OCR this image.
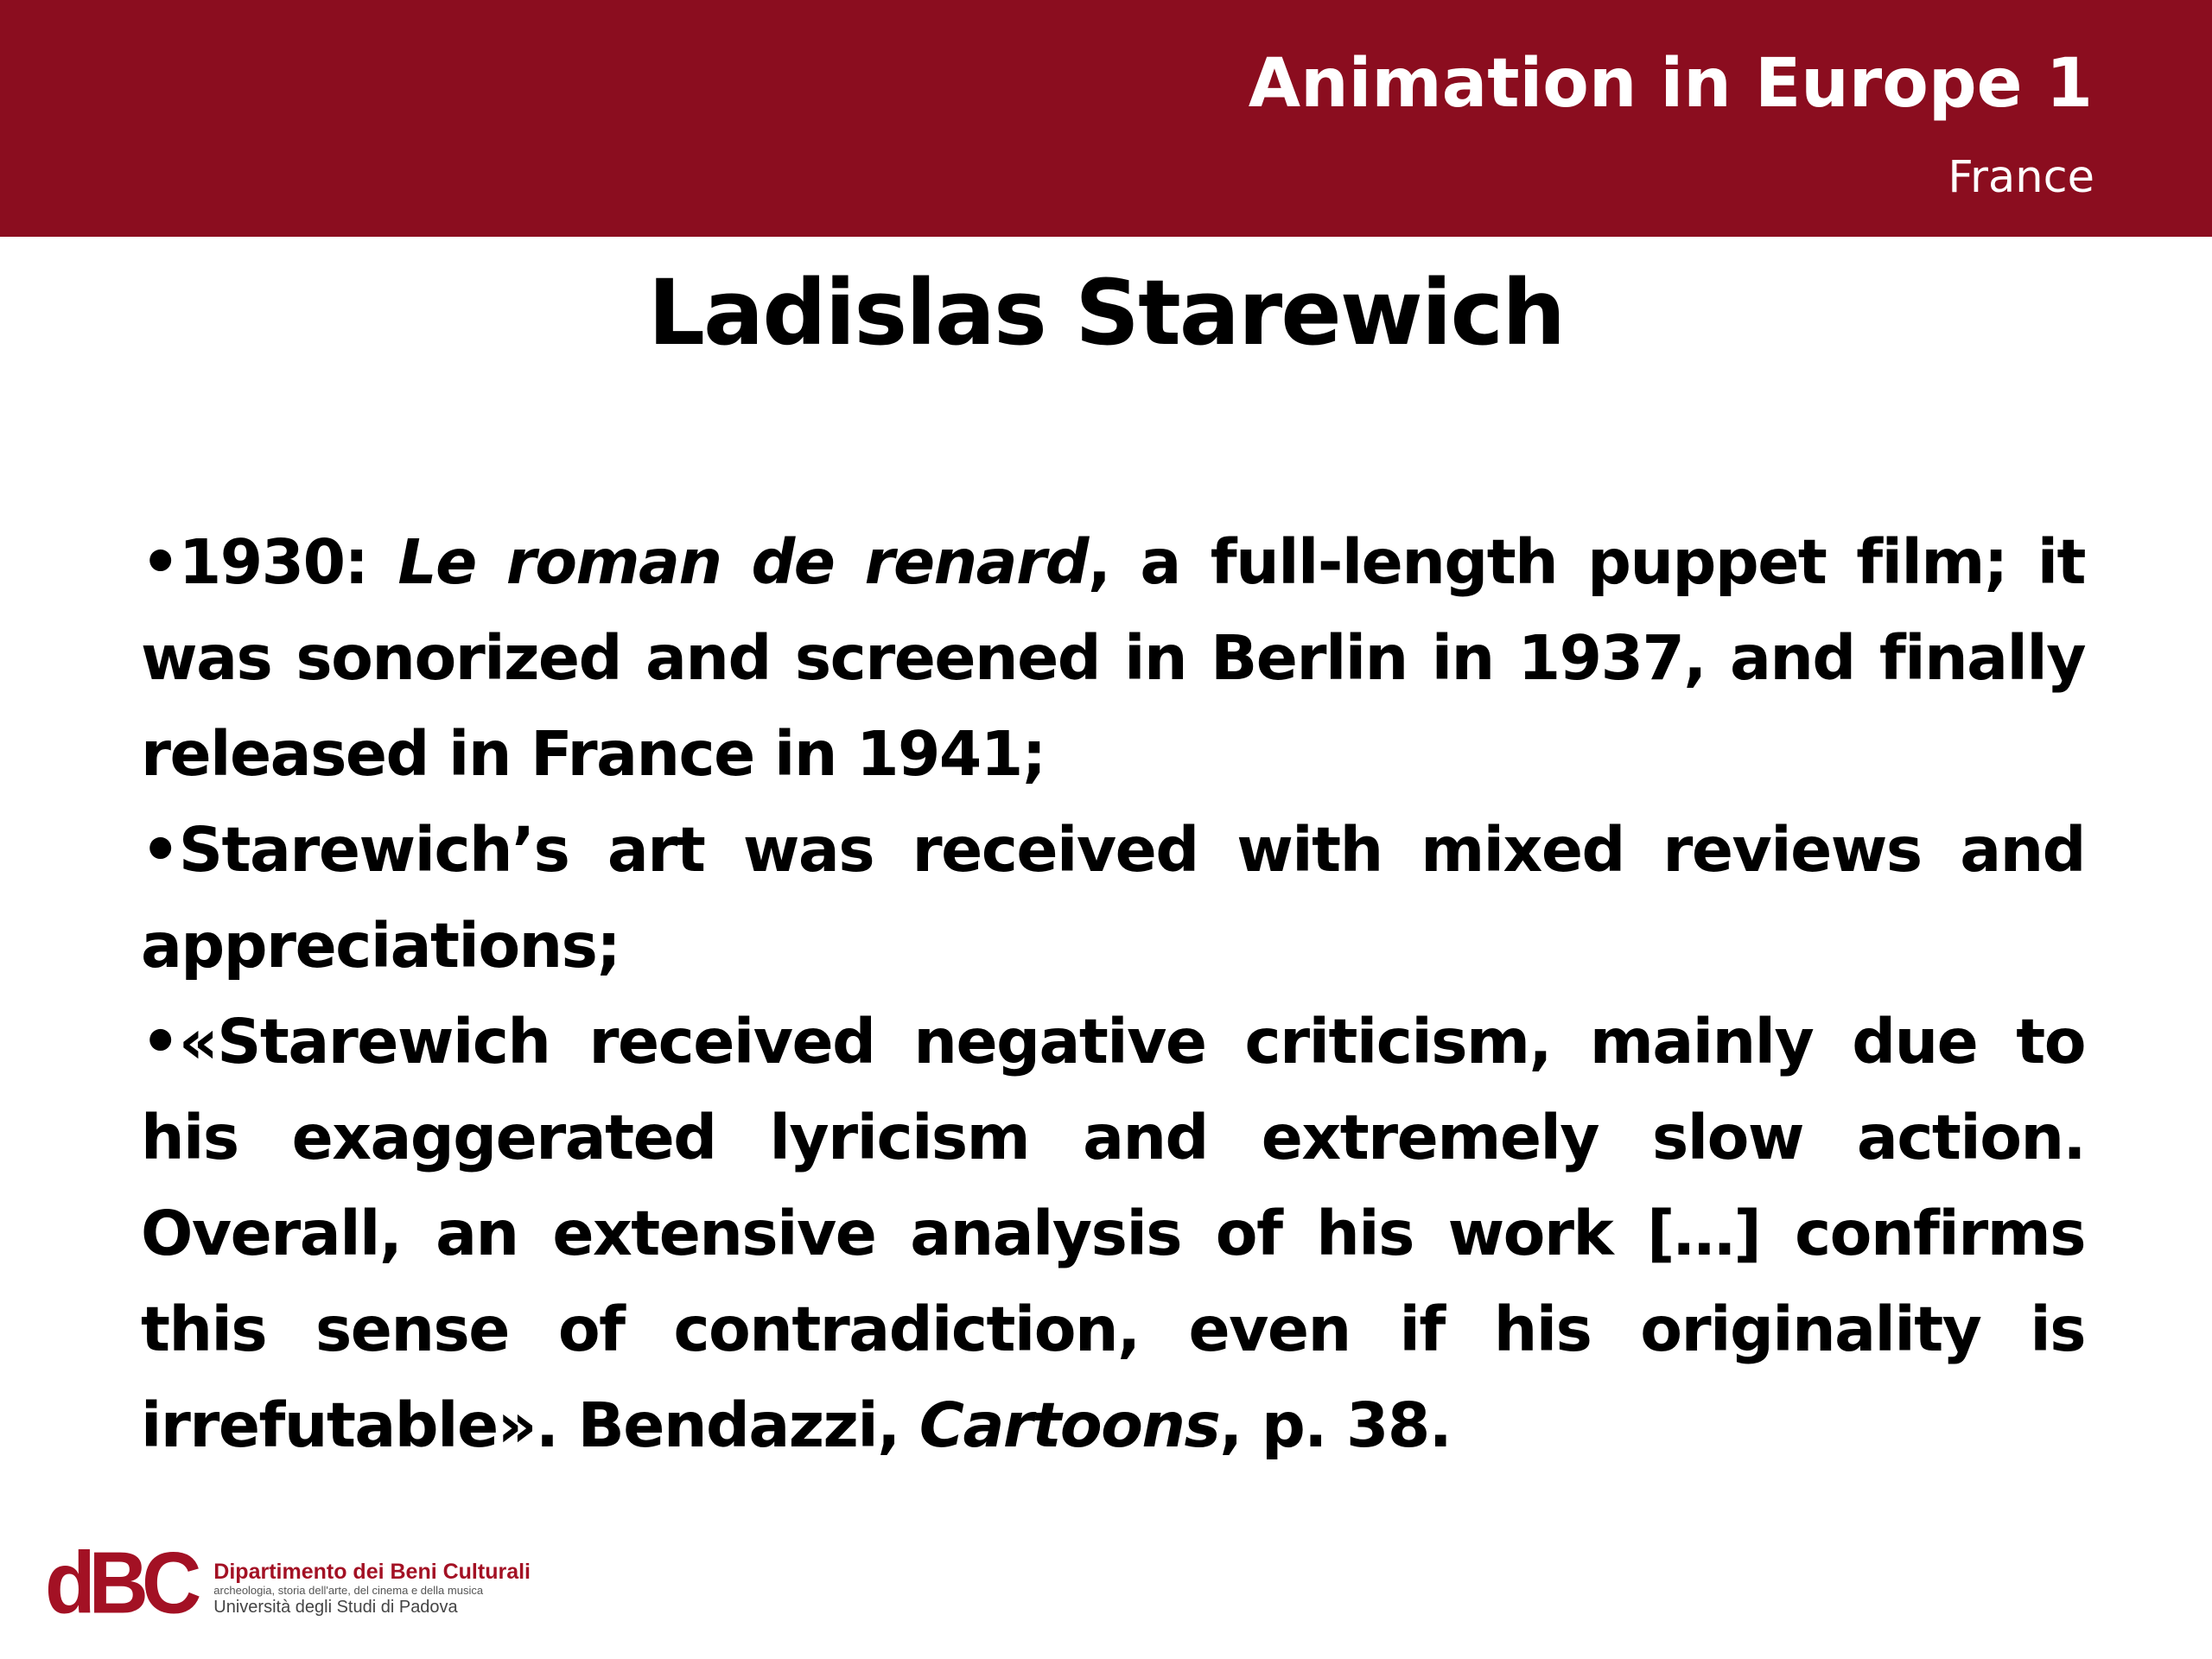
Animation in Europe 1
France
Ladislas Starewich

•1930: Le roman de renard, a full-length puppet film; it was sonorized and screened in Berlin in 1937, and finally released in France in 1941;

•Starewich’s art was received with mixed reviews and appreciations;

•«Starewich received negative criticism, mainly due to his exaggerated lyricism and extremely slow action. Overall, an extensive analysis of his work […] confirms this sense of contradiction, even if his originality is irrefutable». Bendazzi, Cartoons, p. 38.

dBC Dipartimento dei Beni Culturali
archeologia, storia dell'arte, del cinema e della musica
Università degli Studi di Padova
